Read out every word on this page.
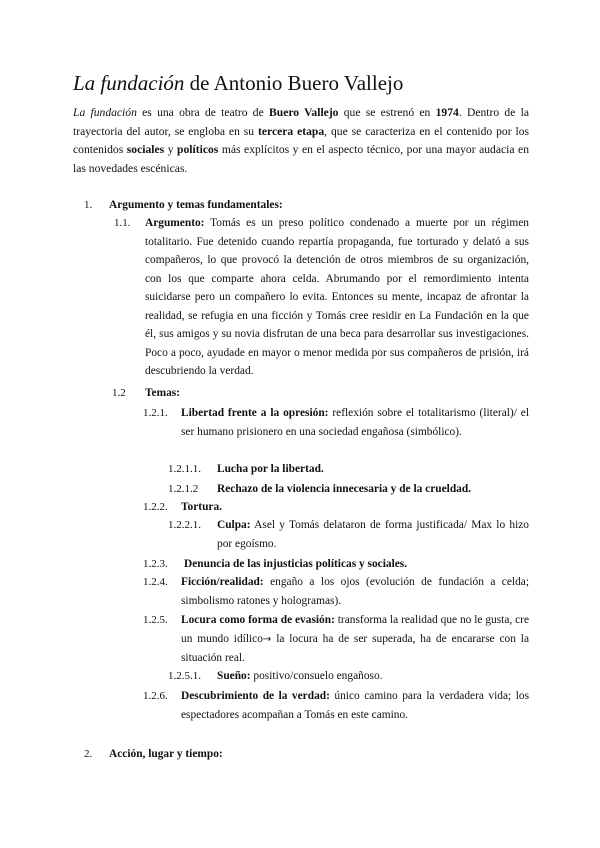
La fundación de Antonio Buero Vallejo
La fundación es una obra de teatro de Buero Vallejo que se estrenó en 1974. Dentro de la trayectoria del autor, se engloba en su tercera etapa, que se caracteriza en el contenido por los contenidos sociales y políticos más explícitos y en el aspecto técnico, por una mayor audacia en las novedades escénicas.
1. Argumento y temas fundamentales:
1.1. Argumento: Tomás es un preso político condenado a muerte por un régimen totalitario. Fue detenido cuando repartía propaganda, fue torturado y delató a sus compañeros, lo que provocó la detención de otros miembros de su organización, con los que comparte ahora celda. Abrumando por el remordimiento intenta suicidarse pero un compañero lo evita. Entonces su mente, incapaz de afrontar la realidad, se refugia en una ficción y Tomás cree residir en La Fundación en la que él, sus amigos y su novia disfrutan de una beca para desarrollar sus investigaciones. Poco a poco, ayudade en mayor o menor medida por sus compañeros de prisión, irá descubriendo la verdad.
1.2 Temas:
1.2.1. Libertad frente a la opresión: reflexión sobre el totalitarismo (literal)/ el ser humano prisionero en una sociedad engañosa (simbólico).
1.2.1.1. Lucha por la libertad.
1.2.1.2 Rechazo de la violencia innecesaria y de la crueldad.
1.2.2. Tortura.
1.2.2.1. Culpa: Asel y Tomás delataron de forma justificada/ Max lo hizo por egoísmo.
1.2.3. Denuncia de las injusticias políticas y sociales.
1.2.4. Ficción/realidad: engaño a los ojos (evolución de fundación a celda; simbolismo ratones y hologramas).
1.2.5. Locura como forma de evasión: transforma la realidad que no le gusta, cre un mundo idílico→ la locura ha de ser superada, ha de encararse con la situación real.
1.2.5.1. Sueño: positivo/consuelo engañoso.
1.2.6. Descubrimiento de la verdad: único camino para la verdadera vida; los espectadores acompañan a Tomás en este camino.
2. Acción, lugar y tiempo:
